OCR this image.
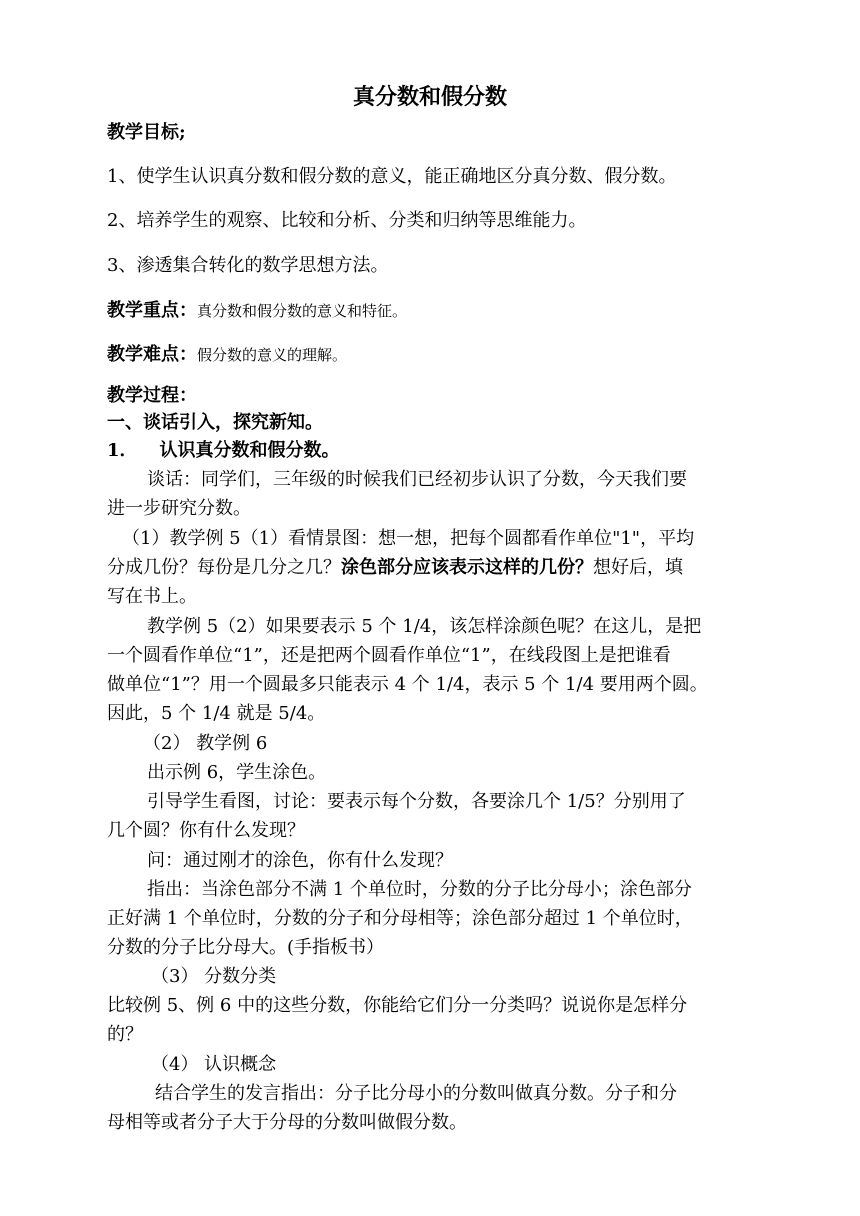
真分数和假分数
教学目标;
1、使学生认识真分数和假分数的意义，能正确地区分真分数、假分数。
2、培养学生的观察、比较和分析、分类和归纳等思维能力。
3、渗透集合转化的数学思想方法。
教学重点：真分数和假分数的意义和特征。
教学难点：假分数的意义的理解。
教学过程：
一、谈话引入，探究新知。
1． 认识真分数和假分数。
谈话：同学们，三年级的时候我们已经初步认识了分数，今天我们要
进一步研究分数。
（1）教学例 5（1）看情景图：想一想，把每个圆都看作单位"1"，平均
分成几份？每份是几分之几？涂色部分应该表示这样的几份？想好后，填
写在书上。
教学例 5（2）如果要表示 5 个 1/4，该怎样涂颜色呢？在这儿，是把
一个圆看作单位“1”，还是把两个圆看作单位“1”，在线段图上是把谁看
做单位“1”？用一个圆最多只能表示 4 个 1/4，表示 5 个 1/4 要用两个圆。
因此，5 个 1/4 就是 5/4。
（2） 教学例 6
出示例 6，学生涂色。
引导学生看图，讨论：要表示每个分数，各要涂几个 1/5？分别用了
几个圆？你有什么发现？
问：通过刚才的涂色，你有什么发现？
指出：当涂色部分不满 1 个单位时，分数的分子比分母小；涂色部分
正好满 1 个单位时，分数的分子和分母相等；涂色部分超过 1 个单位时，
分数的分子比分母大。(手指板书）
（3） 分数分类
比较例 5、例 6 中的这些分数，你能给它们分一分类吗？说说你是怎样分
的？
（4） 认识概念
结合学生的发言指出：分子比分母小的分数叫做真分数。分子和分
母相等或者分子大于分母的分数叫做假分数。
